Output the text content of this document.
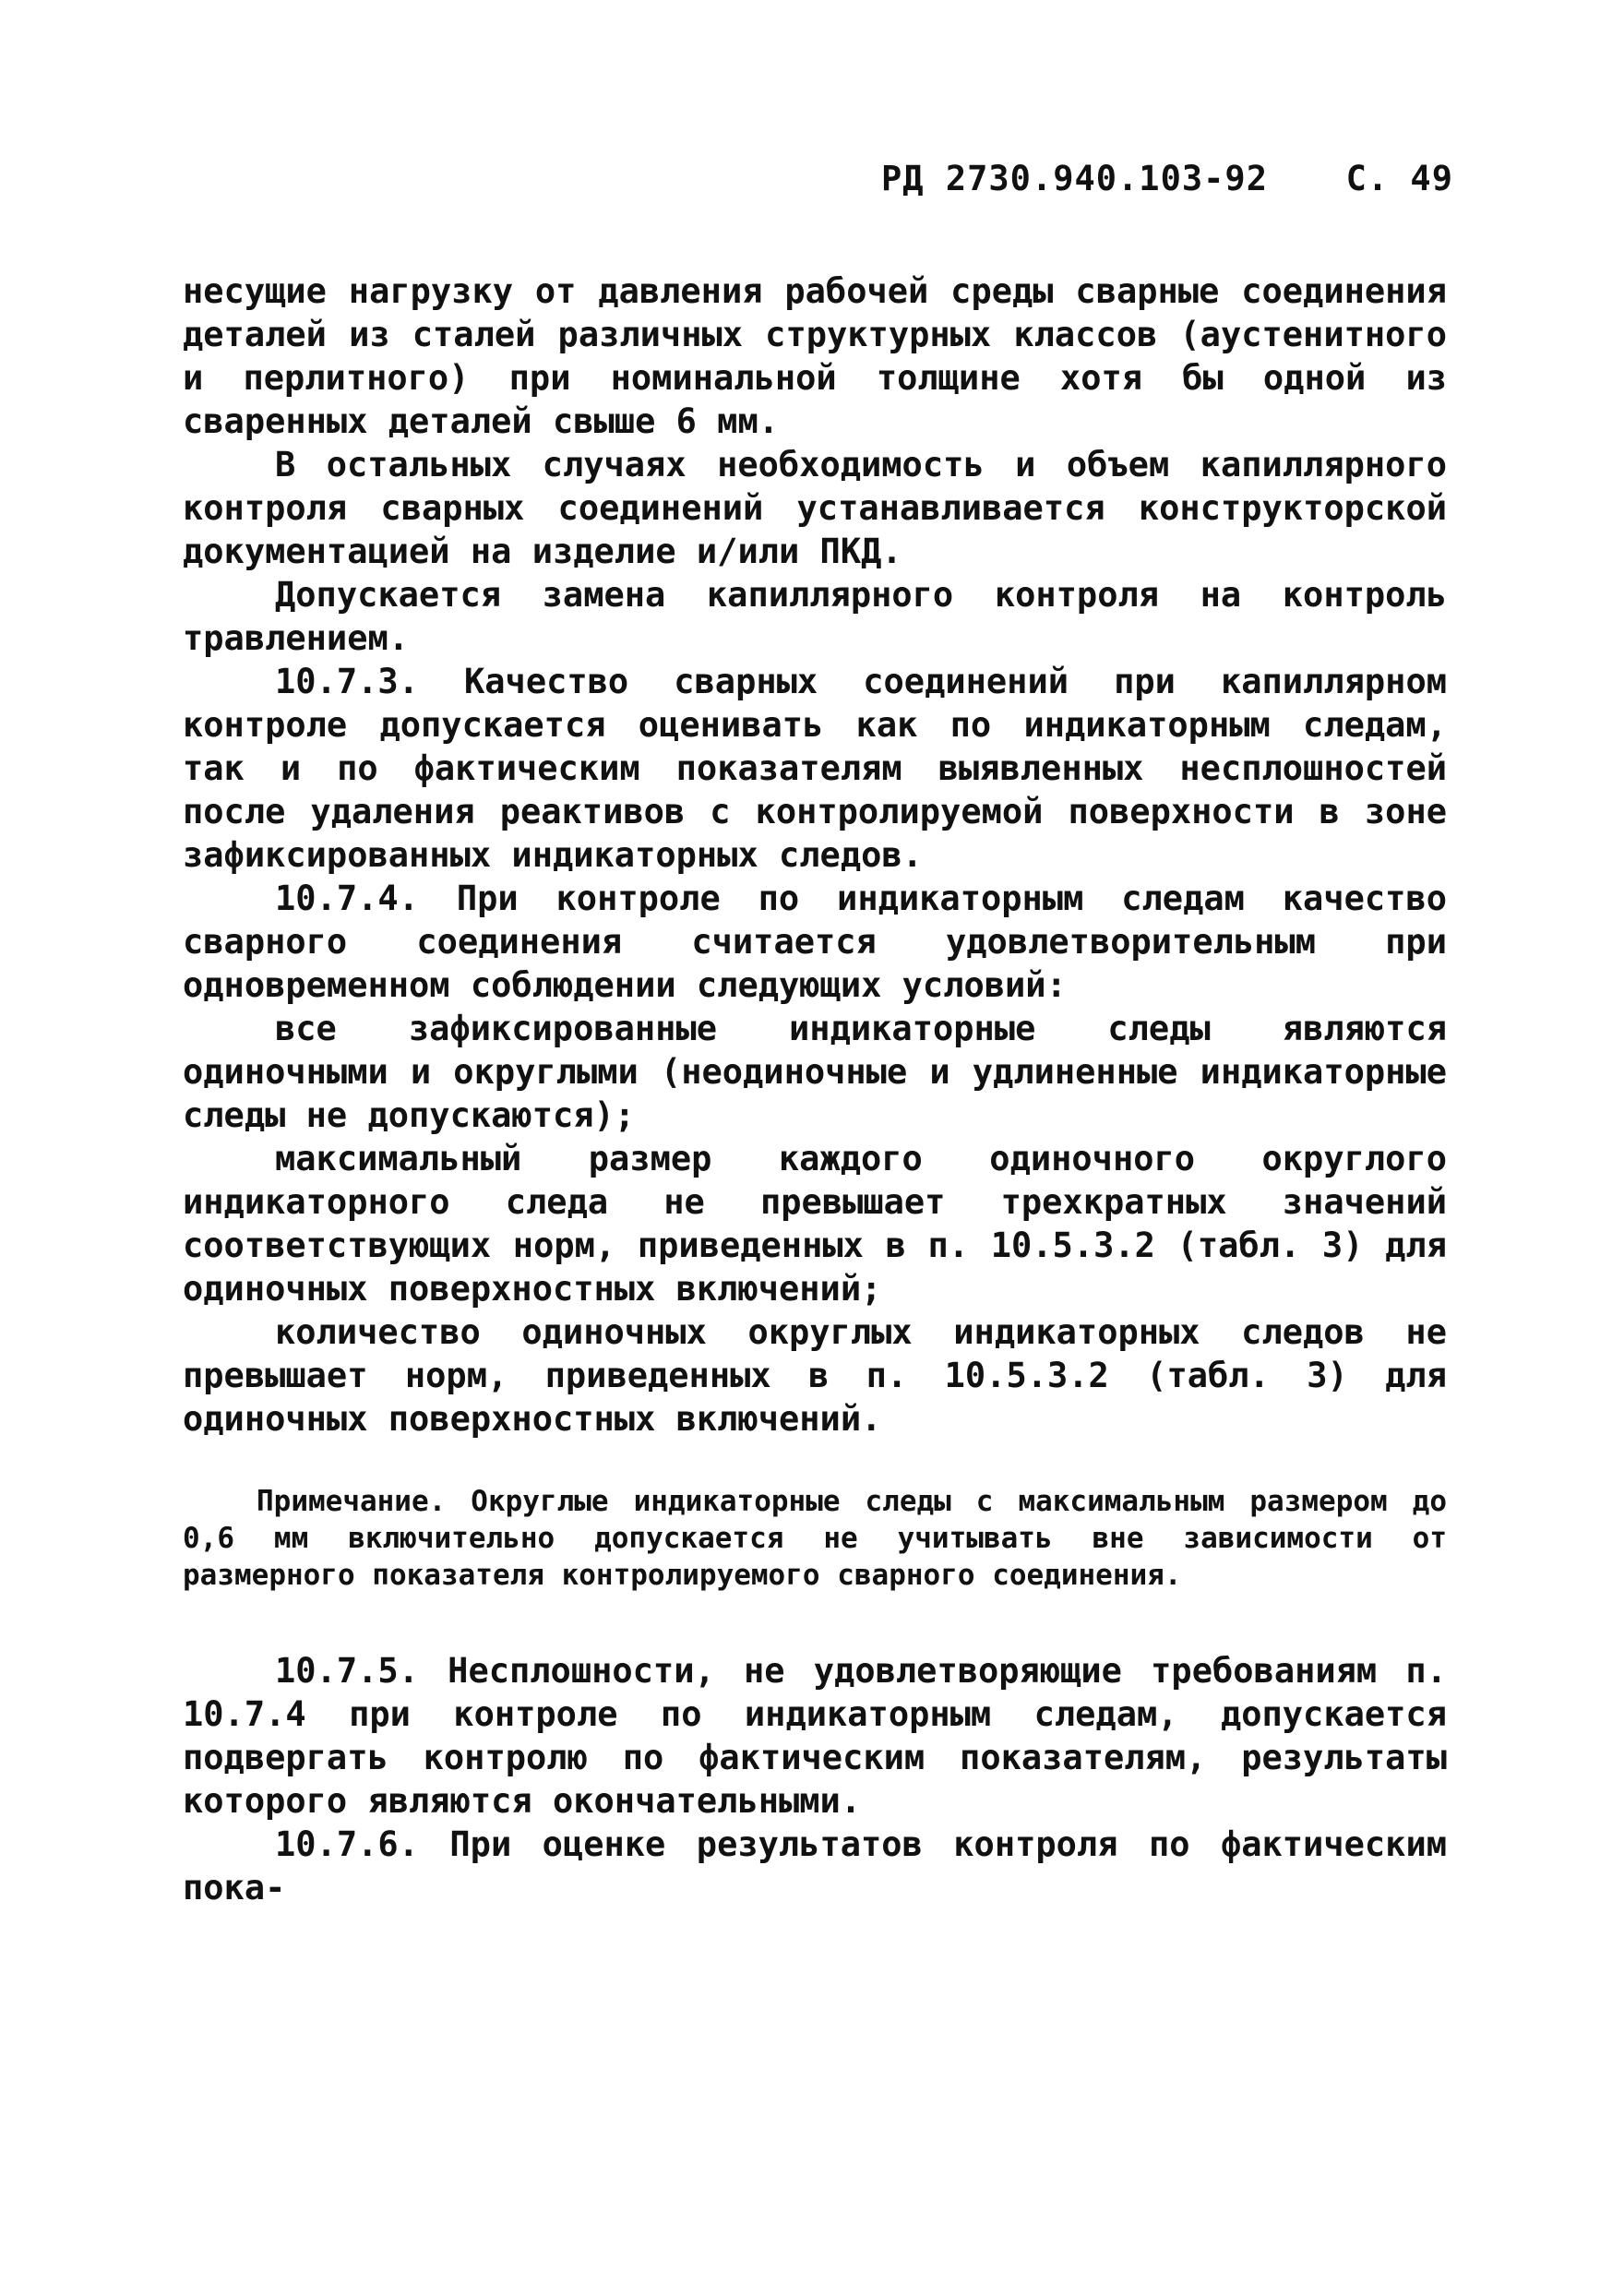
РД 2730.940.103-92 С. 49

несущие нагрузку от давления рабочей среды сварные соединения деталей из сталей различных структурных классов (аустенитного и перлитного) при номинальной толщине хотя бы одной из сваренных деталей свыше 6 мм.

В остальных случаях необходимость и объем капиллярного контроля сварных соединений устанавливается конструкторской документацией на изделие и/или ПКД.

Допускается замена капиллярного контроля на контроль травлением.

10.7.3. Качество сварных соединений при капиллярном контроле допускается оценивать как по индикаторным следам, так и по фактическим показателям выявленных несплошностей после удаления реактивов с контролируемой поверхности в зоне зафиксированных индикаторных следов.

10.7.4. При контроле по индикаторным следам качество сварного соединения считается удовлетворительным при одновременном соблюдении следующих условий:

все зафиксированные индикаторные следы являются одиночными и округлыми (неодиночные и удлиненные индикаторные следы не допускаются);

максимальный размер каждого одиночного округлого индикаторного следа не превышает трехкратных значений соответствующих норм, приведенных в п. 10.5.3.2 (табл. 3) для одиночных поверхностных включений;

количество одиночных округлых индикаторных следов не превышает норм, приведенных в п. 10.5.3.2 (табл. 3) для одиночных поверхностных включений.

Примечание. Округлые индикаторные следы с максимальным размером до 0,6 мм включительно допускается не учитывать вне зависимости от размерного показателя контролируемого сварного соединения.

10.7.5. Несплошности, не удовлетворяющие требованиям п. 10.7.4 при контроле по индикаторным следам, допускается подвергать контролю по фактическим показателям, результаты которого являются окончательными.

10.7.6. При оценке результатов контроля по фактическим пока-
